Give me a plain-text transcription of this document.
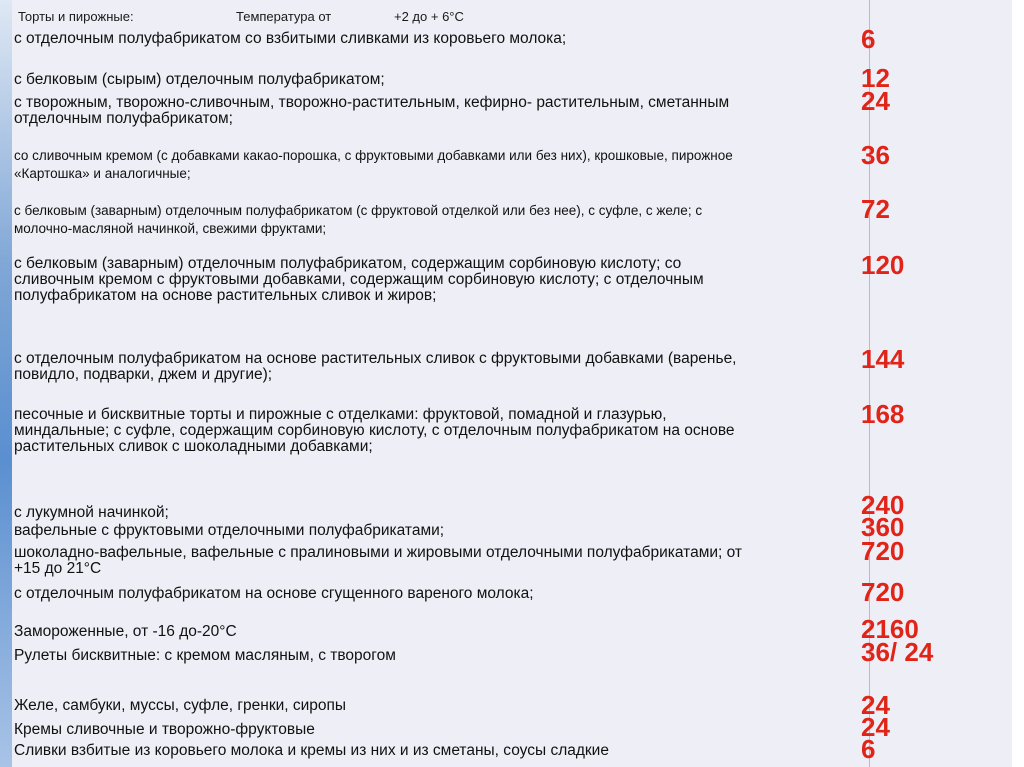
Торты и пирожные:	Температура от	+2 до + 6°С
с отделочным полуфабрикатом со взбитыми сливками из коровьего молока;	6
с белковым (сырым) отделочным полуфабрикатом;	12
с творожным, творожно-сливочным, творожно-растительным, кефирно- растительным, сметанным
отделочным полуфабрикатом;
24
со сливочным кремом (с добавками какао-порошка, с фруктовыми добавками или без них), крошковые, пирожное
«Картошка» и аналогичные;
36
с белковым (заварным) отделочным полуфабрикатом (с фруктовой отделкой или без нее), с суфле, с желе; с
молочно-масляной начинкой, свежими фруктами;
72
с белковым (заварным) отделочным полуфабрикатом, содержащим сорбиновую кислоту; со
сливочным кремом с фруктовыми добавками, содержащим сорбиновую кислоту; с отделочным
полуфабрикатом на основе растительных сливок и жиров;
120
с отделочным полуфабрикатом на основе растительных сливок с фруктовыми добавками (варенье,
повидло, подварки, джем и другие);
144
песочные и бисквитные торты и пирожные с отделками: фруктовой, помадной и глазурью,
миндальные; с суфле, содержащим сорбиновую кислоту, с отделочным полуфабрикатом на основе
растительных сливок с шоколадными добавками;
168
с лукумной начинкой;	240
вафельные с фруктовыми отделочными полуфабрикатами;	360
шоколадно-вафельные, вафельные с пралиновыми и жировыми отделочными полуфабрикатами; от
+15 до 21°С
720
с отделочным полуфабрикатом на основе сгущенного вареного молока;	720
Замороженные, от -16 до-20°С	2160
Рулеты бисквитные: с кремом масляным, с творогом	36/ 24
Желе, самбуки, муссы, суфле, гренки, сиропы	24
Кремы сливочные и творожно-фруктовые	24
Сливки взбитые из коровьего молока и кремы из них и из сметаны, соусы сладкие	6
